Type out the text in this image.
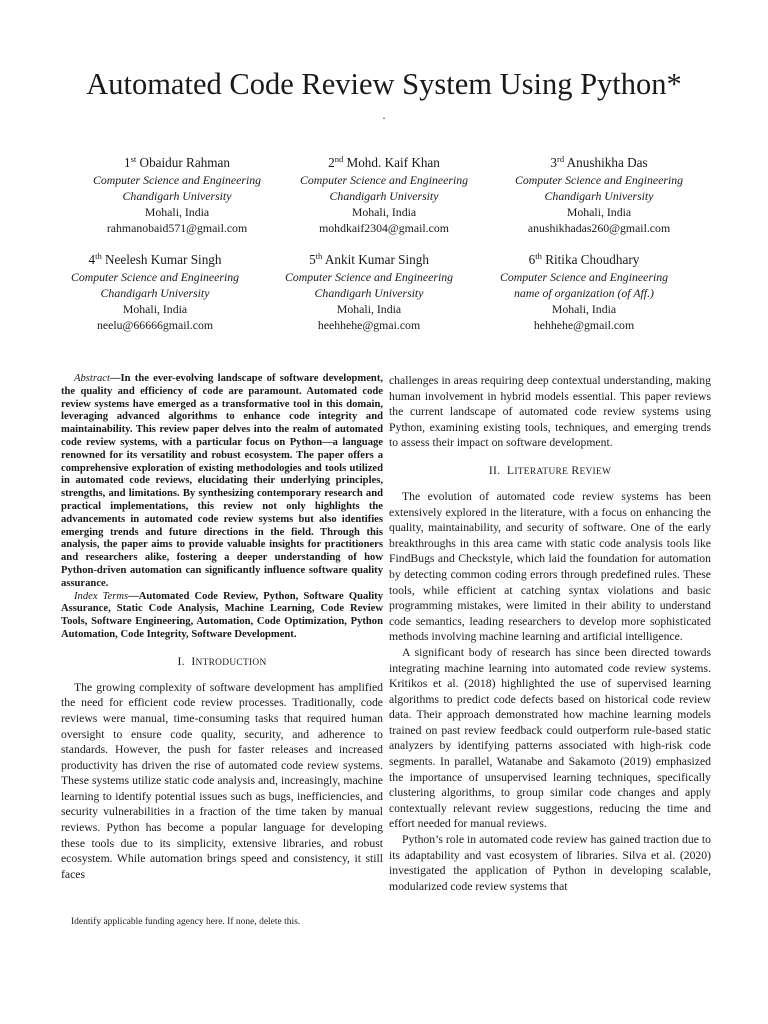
Automated Code Review System Using Python*
.
1st Obaidur Rahman
Computer Science and Engineering
Chandigarh University
Mohali, India
rahmanobaid571@gmail.com
2nd Mohd. Kaif Khan
Computer Science and Engineering
Chandigarh University
Mohali, India
mohdkaif2304@gmail.com
3rd Anushikha Das
Computer Science and Engineering
Chandigarh University
Mohali, India
anushikhadas260@gmail.com
4th Neelesh Kumar Singh
Computer Science and Engineering
Chandigarh University
Mohali, India
neelu@66666gmail.com
5th Ankit Kumar Singh
Computer Science and Engineering
Chandigarh University
Mohali, India
heehhehe@gmai.com
6th Ritika Choudhary
Computer Science and Engineering
name of organization (of Aff.)
Mohali, India
hehhehe@gmail.com

Abstract—In the ever-evolving landscape of software development, the quality and efficiency of code are paramount. Automated code review systems have emerged as a transformative tool in this domain, leveraging advanced algorithms to enhance code integrity and maintainability. This review paper delves into the realm of automated code review systems, with a particular focus on Python—a language renowned for its versatility and robust ecosystem. The paper offers a comprehensive exploration of existing methodologies and tools utilized in automated code reviews, elucidating their underlying principles, strengths, and limitations. By synthesizing contemporary research and practical implementations, this review not only highlights the advancements in automated code review systems but also identifies emerging trends and future directions in the field. Through this analysis, the paper aims to provide valuable insights for practitioners and researchers alike, fostering a deeper understanding of how Python-driven automation can significantly influence software quality assurance.

Index Terms—Automated Code Review, Python, Software Quality Assurance, Static Code Analysis, Machine Learning, Code Review Tools, Software Engineering, Automation, Code Optimization, Python Automation, Code Integrity, Software Development.

I. INTRODUCTION

The growing complexity of software development has amplified the need for efficient code review processes. Traditionally, code reviews were manual, time-consuming tasks that required human oversight to ensure code quality, security, and adherence to standards. However, the push for faster releases and increased productivity has driven the rise of automated code review systems. These systems utilize static code analysis and, increasingly, machine learning to identify potential issues such as bugs, inefficiencies, and security vulnerabilities in a fraction of the time taken by manual reviews. Python has become a popular language for developing these tools due to its simplicity, extensive libraries, and robust ecosystem. While automation brings speed and consistency, it still faces

challenges in areas requiring deep contextual understanding, making human involvement in hybrid models essential. This paper reviews the current landscape of automated code review systems using Python, examining existing tools, techniques, and emerging trends to assess their impact on software development.

II. LITERATURE REVIEW

The evolution of automated code review systems has been extensively explored in the literature, with a focus on enhancing the quality, maintainability, and security of software. One of the early breakthroughs in this area came with static code analysis tools like FindBugs and Checkstyle, which laid the foundation for automation by detecting common coding errors through predefined rules. These tools, while efficient at catching syntax violations and basic programming mistakes, were limited in their ability to understand code semantics, leading researchers to develop more sophisticated methods involving machine learning and artificial intelligence.

A significant body of research has since been directed towards integrating machine learning into automated code review systems. Kritikos et al. (2018) highlighted the use of supervised learning algorithms to predict code defects based on historical code review data. Their approach demonstrated how machine learning models trained on past review feedback could outperform rule-based static analyzers by identifying patterns associated with high-risk code segments. In parallel, Watanabe and Sakamoto (2019) emphasized the importance of unsupervised learning techniques, specifically clustering algorithms, to group similar code changes and apply contextually relevant review suggestions, reducing the time and effort needed for manual reviews.

Python’s role in automated code review has gained traction due to its adaptability and vast ecosystem of libraries. Silva et al. (2020) investigated the application of Python in developing scalable, modularized code review systems that

Identify applicable funding agency here. If none, delete this.
